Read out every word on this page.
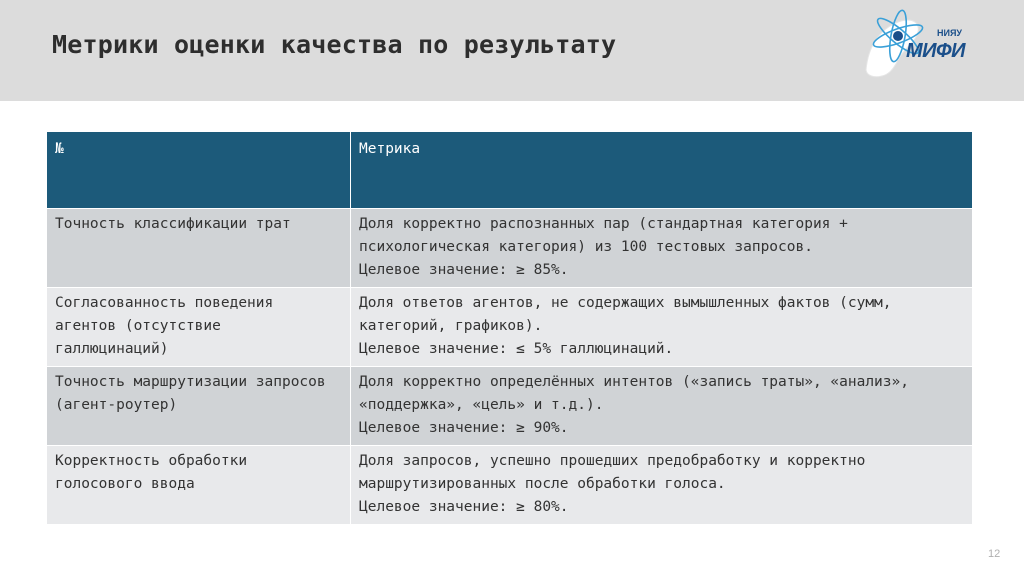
Метрики оценки качества по результату	НИЯУ
МИФИ
№	Метрика
Точность классификации трат	Доля корректно распознанных пар (стандартная категория + психологическая категория) из 100 тестовых запросов.
Целевое значение: ≥ 85%.

Согласованность поведения агентов (отсутствие галлюцинаций)	Доля ответов агентов, не содержащих вымышленных фактов (сумм, категорий, графиков).
Целевое значение: ≤ 5% галлюцинаций.

Точность маршрутизации запросов (агент-роутер)	Доля корректно определённых интентов («запись траты», «анализ», «поддержка», «цель» и т.д.).
Целевое значение: ≥ 90%.

Корректность обработки голосового ввода	Доля запросов, успешно прошедших предобработку и корректно маршрутизированных после обработки голоса.
Целевое значение: ≥ 80%.
12
